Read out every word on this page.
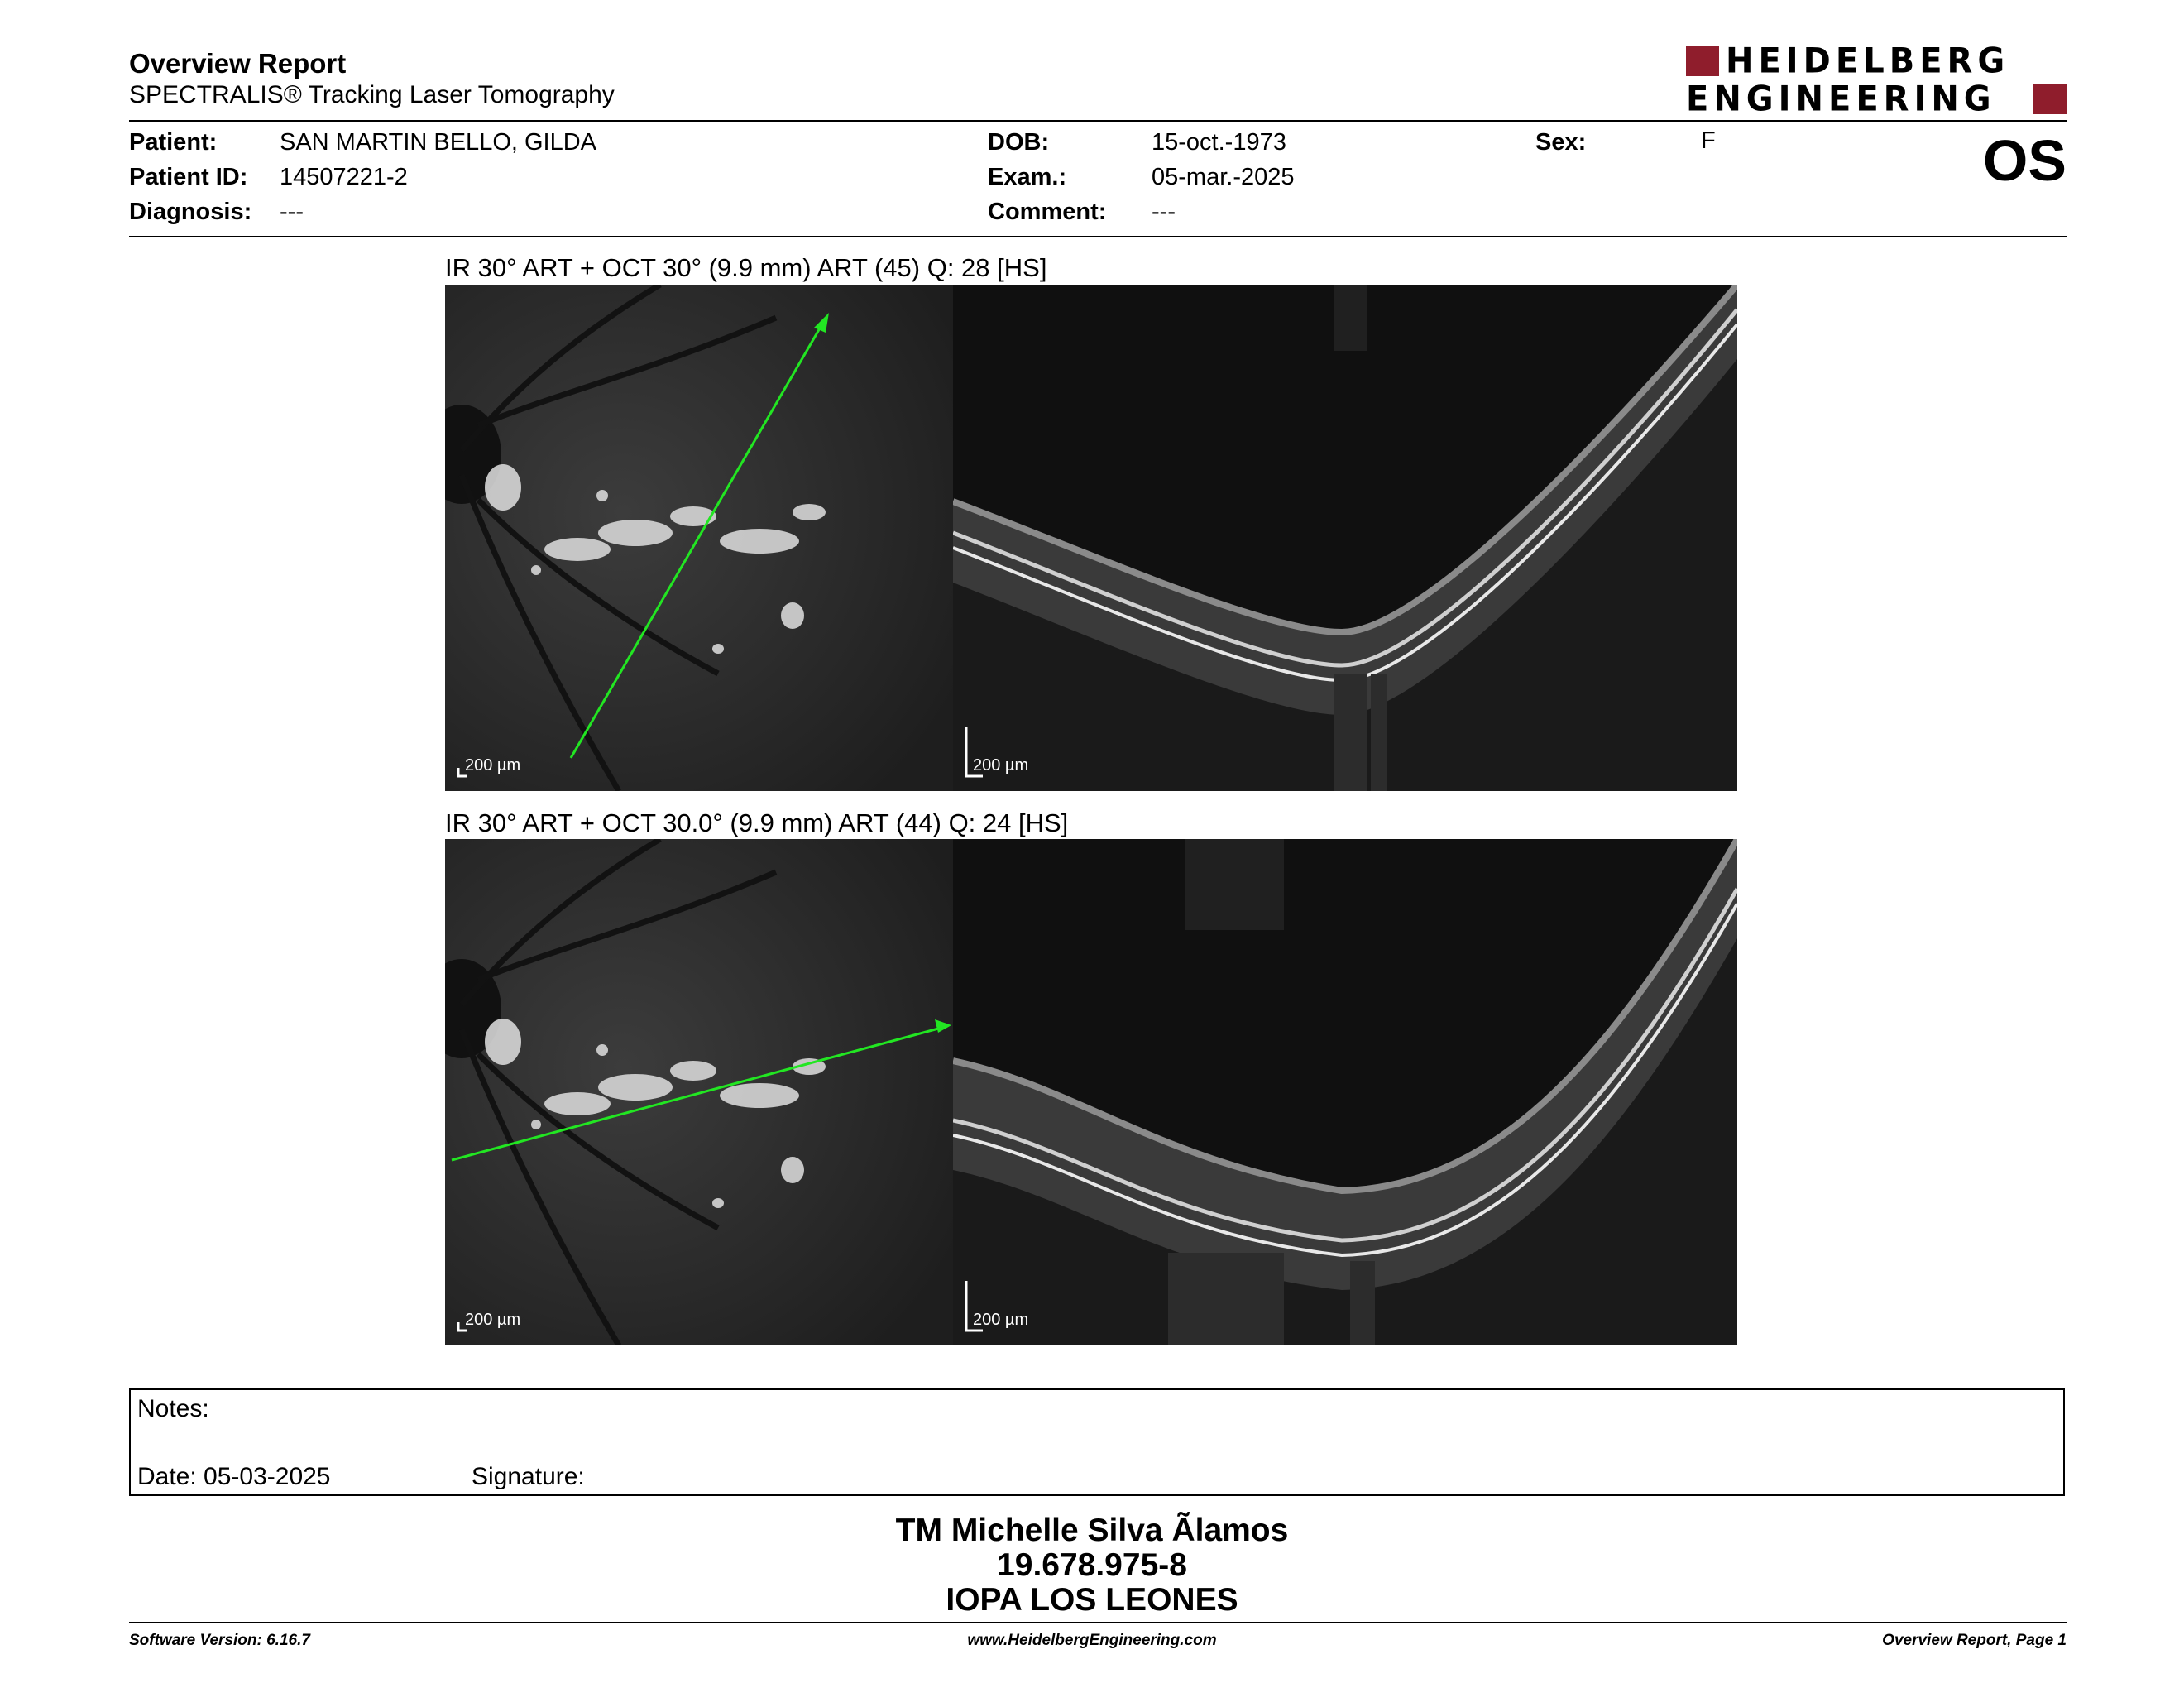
Overview Report
SPECTRALIS® Tracking Laser Tomography
HEIDELBERG
ENGINEERING
Patient:	SAN MARTIN BELLO, GILDA
Patient ID: 14507221-2
Diagnosis: ---
DOB:	15-oct.-1973
Exam.:	05-mar.-2025
Comment: ---
Sex:	F	OS
IR 30° ART + OCT 30° (9.9 mm) ART (45) Q: 28 [HS]
200 µm	200 µm
IR 30° ART + OCT 30.0° (9.9 mm) ART (44) Q: 24 [HS]
200 µm	200 µm
Notes:
Date: 05-03-2025	Signature:
TM Michelle Silva Ãlamos
19.678.975-8
IOPA LOS LEONES
Software Version: 6.16.7	www.HeidelbergEngineering.com	Overview Report, Page 1
